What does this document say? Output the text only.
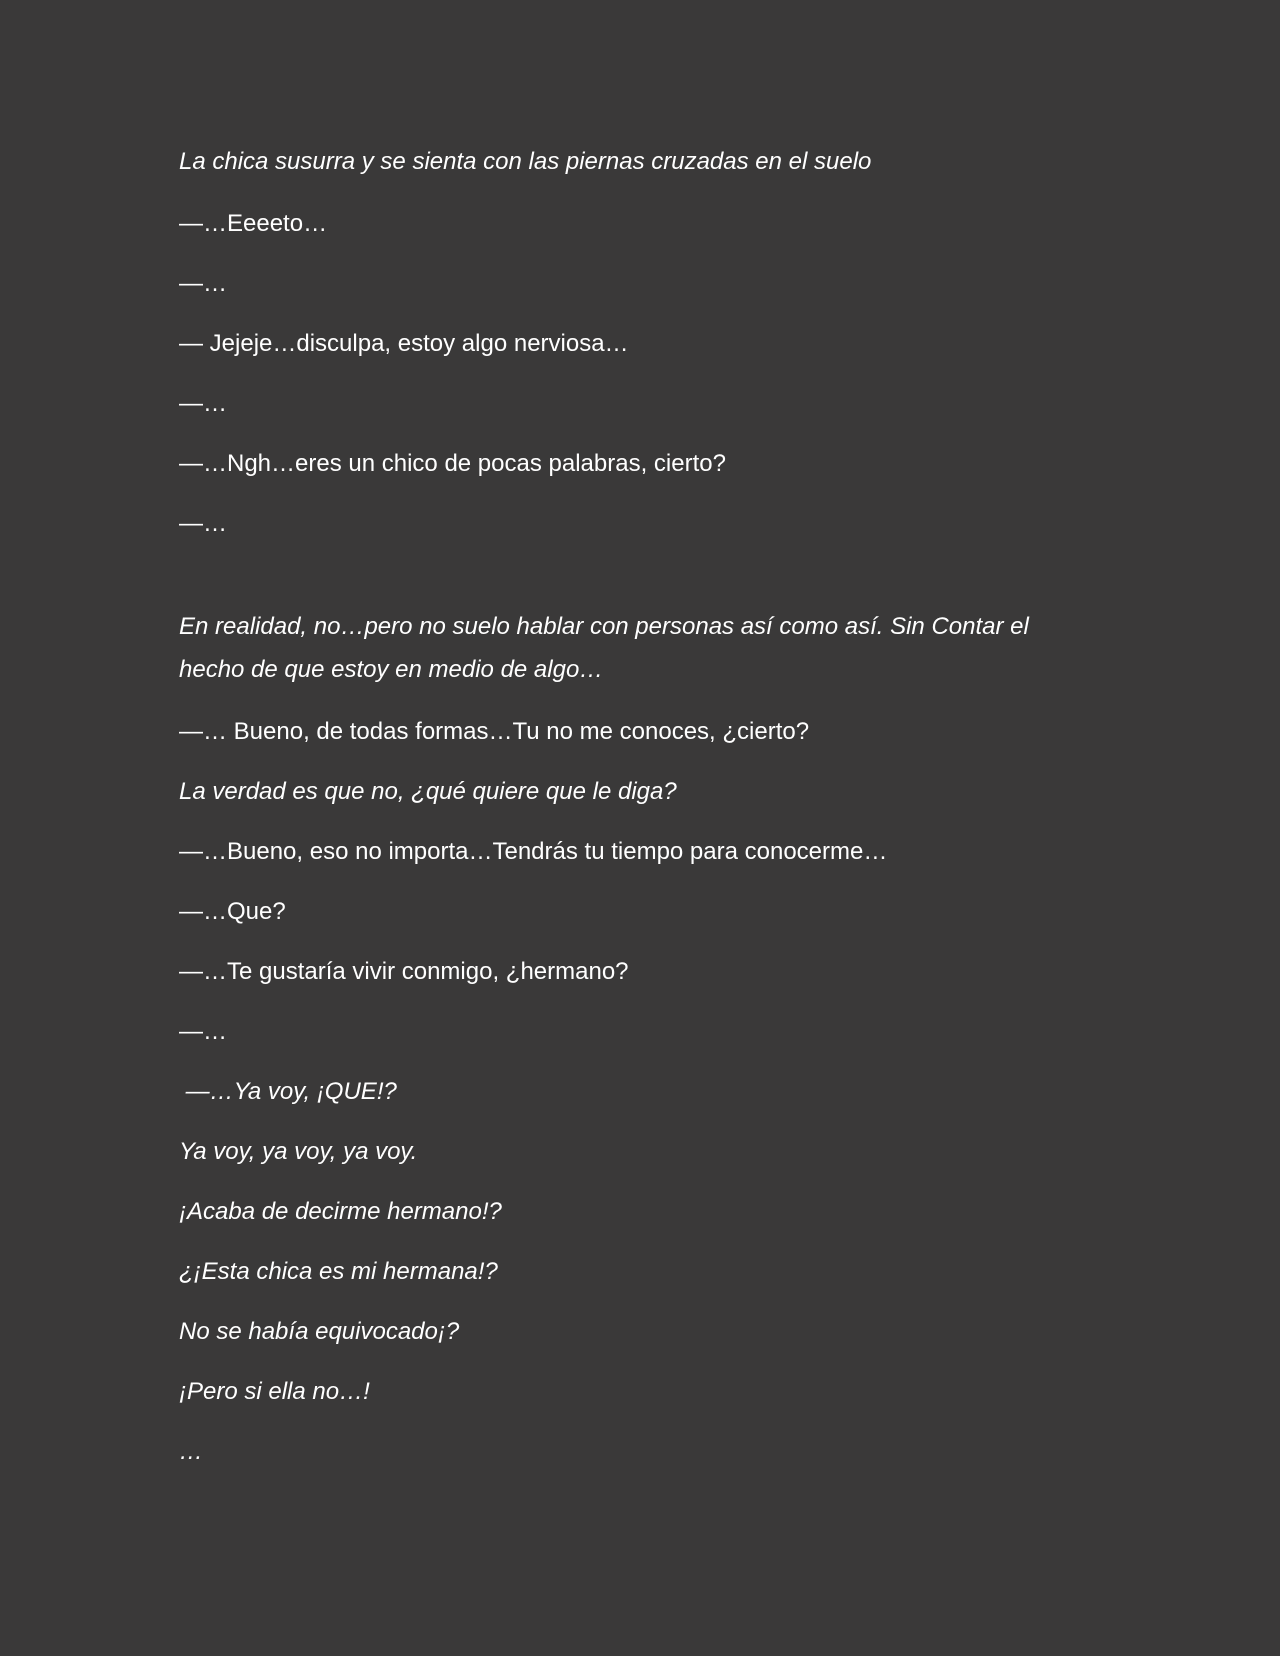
La chica susurra y se sienta con las piernas cruzadas en el suelo

—…Eeeeto…

—…

— Jejeje…disculpa, estoy algo nerviosa…

—…

—…Ngh…eres un chico de pocas palabras, cierto?

—…

En realidad, no…pero no suelo hablar con personas así como así. Sin Contar el hecho de que estoy en medio de algo…

—… Bueno, de todas formas…Tu no me conoces, ¿cierto?

La verdad es que no, ¿qué quiere que le diga?

—…Bueno, eso no importa…Tendrás tu tiempo para conocerme…

—…Que?

—…Te gustaría vivir conmigo, ¿hermano?

—…

—…Ya voy, ¡QUE!?

Ya voy, ya voy, ya voy.

¡Acaba de decirme hermano!?

¿¡Esta chica es mi hermana!?

No se había equivocado¡?

¡Pero si ella no…!

…
